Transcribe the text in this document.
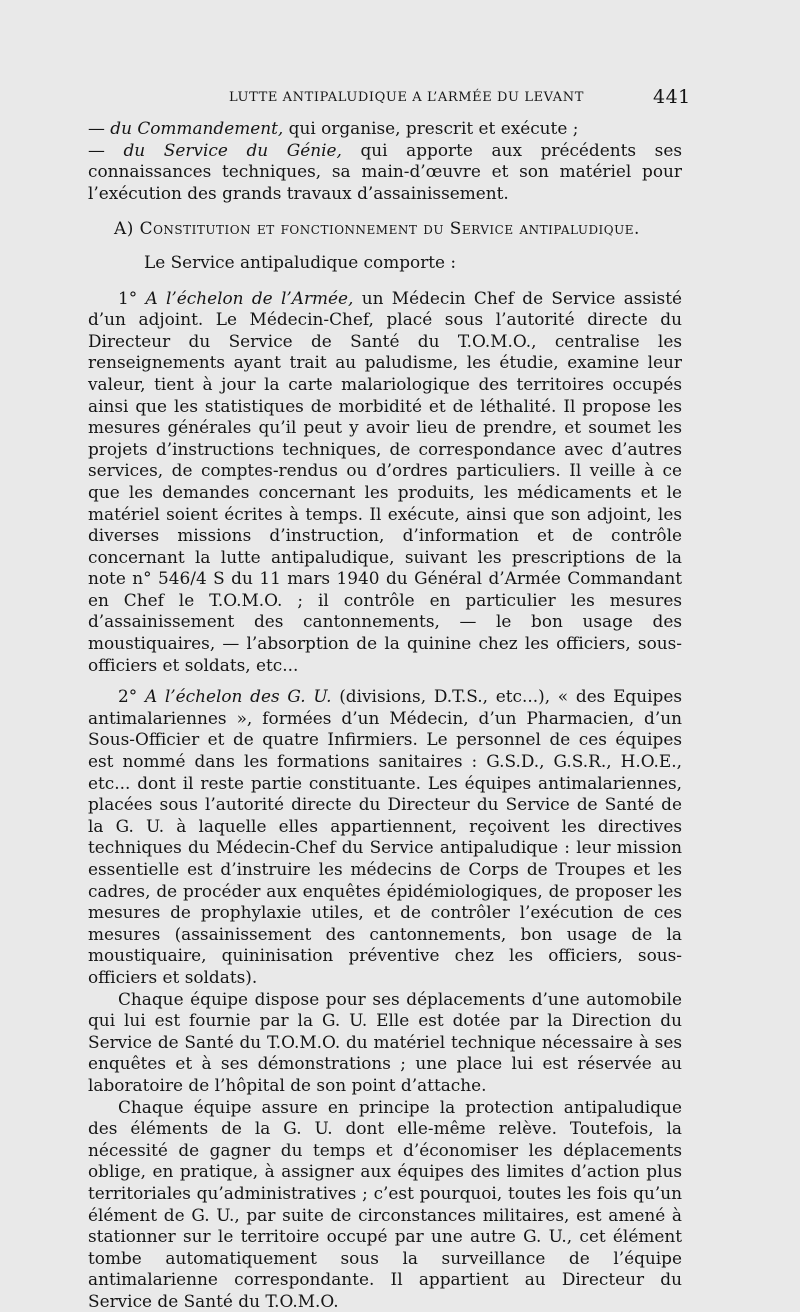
LUTTE ANTIPALUDIQUE A L’ARMÉE DU LEVANT	441

— du Commandement, qui organise, prescrit et exécute ;

— du Service du Génie, qui apporte aux précédents ses connaissances techniques, sa main-d’œuvre et son matériel pour l’exécution des grands travaux d’assainissement.

A) Constitution et fonctionnement du Service antipaludique.

Le Service antipaludique comporte :

1° A l’échelon de l’Armée, un Médecin Chef de Service assisté d’un adjoint. Le Médecin-Chef, placé sous l’autorité directe du Directeur du Service de Santé du T.O.M.O., centralise les renseignements ayant trait au paludisme, les étudie, examine leur valeur, tient à jour la carte malariologique des territoires occupés ainsi que les statistiques de morbidité et de léthalité. Il propose les mesures générales qu’il peut y avoir lieu de prendre, et soumet les projets d’instructions techniques, de correspondance avec d’autres services, de comptes-rendus ou d’ordres particuliers. Il veille à ce que les demandes concernant les produits, les médicaments et le matériel soient écrites à temps. Il exécute, ainsi que son adjoint, les diverses missions d’instruction, d’information et de contrôle concernant la lutte antipaludique, suivant les prescriptions de la note n° 546/4 S du 11 mars 1940 du Général d’Armée Commandant en Chef le T.O.M.O. ; il contrôle en particulier les mesures d’assainissement des cantonnements, — le bon usage des moustiquaires, — l’absorption de la quinine chez les officiers, sous-officiers et soldats, etc...

2° A l’échelon des G. U. (divisions, D.T.S., etc...), « des Equipes antimalariennes », formées d’un Médecin, d’un Pharmacien, d’un Sous-Officier et de quatre Infirmiers. Le personnel de ces équipes est nommé dans les formations sanitaires : G.S.D., G.S.R., H.O.E., etc... dont il reste partie constituante. Les équipes antimalariennes, placées sous l’autorité directe du Directeur du Service de Santé de la G. U. à laquelle elles appartiennent, reçoivent les directives techniques du Médecin-Chef du Service antipaludique : leur mission essentielle est d’instruire les médecins de Corps de Troupes et les cadres, de procéder aux enquêtes épidémiologiques, de proposer les mesures de prophylaxie utiles, et de contrôler l’exécution de ces mesures (assainissement des cantonnements, bon usage de la moustiquaire, quininisation préventive chez les officiers, sous-officiers et soldats).

Chaque équipe dispose pour ses déplacements d’une automobile qui lui est fournie par la G. U. Elle est dotée par la Direction du Service de Santé du T.O.M.O. du matériel technique nécessaire à ses enquêtes et à ses démonstrations ; une place lui est réservée au laboratoire de l’hôpital de son point d’attache.

Chaque équipe assure en principe la protection antipaludique des éléments de la G. U. dont elle-même relève. Toutefois, la nécessité de gagner du temps et d’économiser les déplacements oblige, en pratique, à assigner aux équipes des limites d’action plus territoriales qu’administratives ; c’est pourquoi, toutes les fois qu’un élément de G. U., par suite de circonstances militaires, est amené à stationner sur le territoire occupé par une autre G. U., cet élément tombe automatiquement sous la surveillance de l’équipe antimalarienne correspondante. Il appartient au Directeur du Service de Santé du T.O.M.O.
